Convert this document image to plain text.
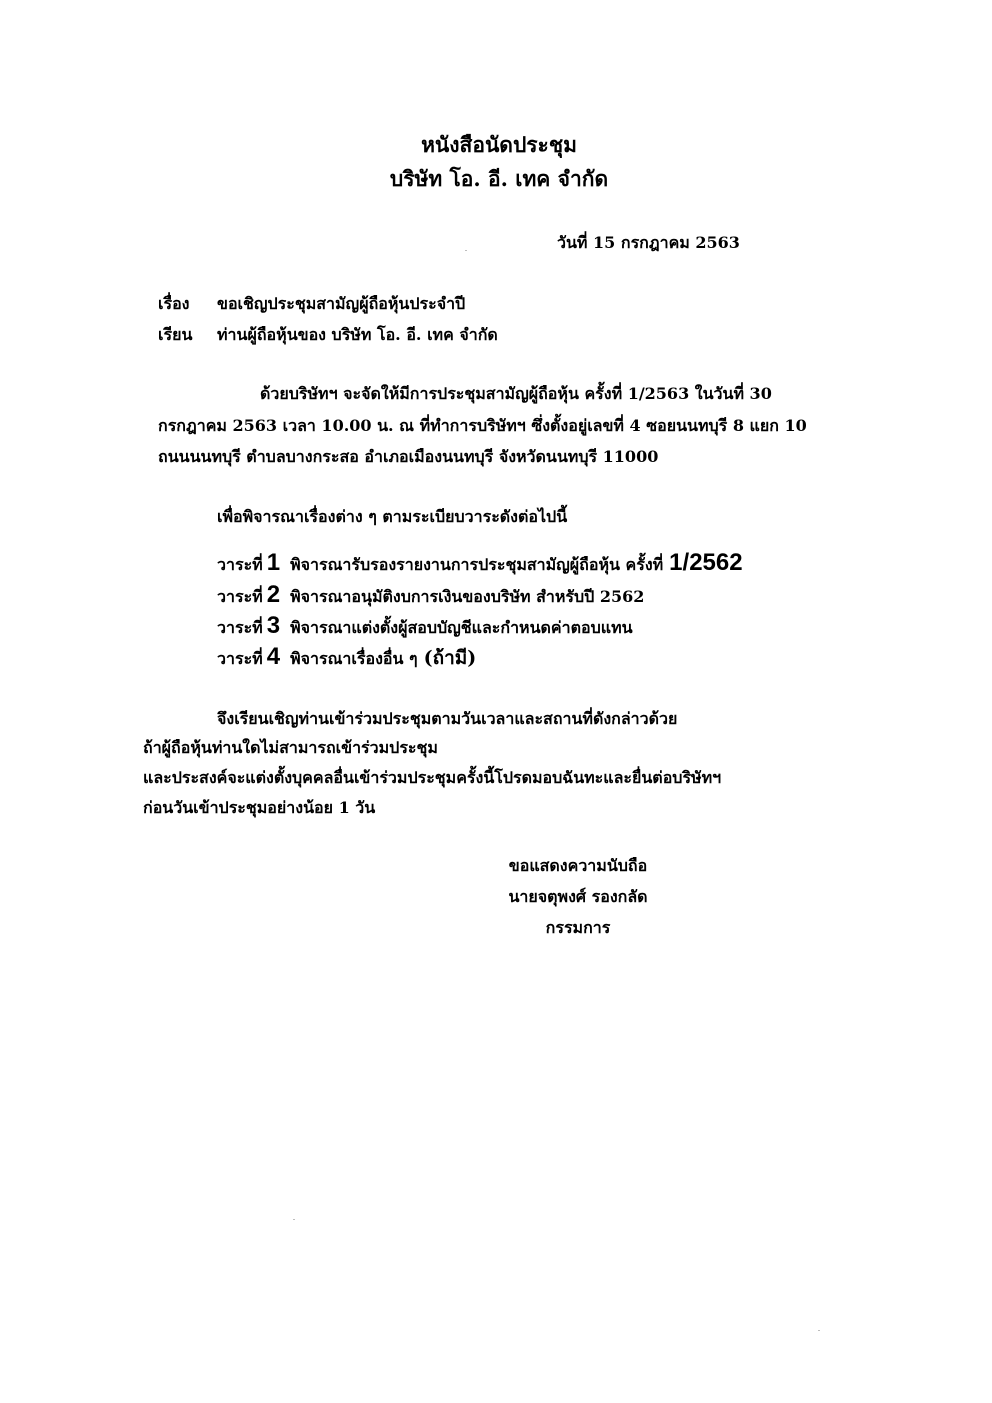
หนังสือนัดประชุม
บริษัท โอ. อี. เทค จำกัด
วันที่ 15 กรกฎาคม 2563
เรื่อง ขอเชิญประชุมสามัญผู้ถือหุ้นประจำปี
เรียน ท่านผู้ถือหุ้นของ บริษัท โอ. อี. เทค จำกัด
ด้วยบริษัทฯ จะจัดให้มีการประชุมสามัญผู้ถือหุ้น ครั้งที่ 1/2563 ในวันที่ 30
กรกฎาคม 2563 เวลา 10.00 น. ณ ที่ทำการบริษัทฯ ซึ่งตั้งอยู่เลขที่ 4 ซอยนนทบุรี 8 แยก 10
ถนนนนทบุรี ตำบลบางกระสอ อำเภอเมืองนนทบุรี จังหวัดนนทบุรี 11000
เพื่อพิจารณาเรื่องต่าง ๆ ตามระเบียบวาระดังต่อไปนี้
วาระที่ 1 พิจารณารับรองรายงานการประชุมสามัญผู้ถือหุ้น ครั้งที่ 1/2562
วาระที่ 2 พิจารณาอนุมัติงบการเงินของบริษัท สำหรับปี 2562
วาระที่ 3 พิจารณาแต่งตั้งผู้สอบบัญชีและกำหนดค่าตอบแทน
วาระที่ 4 พิจารณาเรื่องอื่น ๆ (ถ้ามี)
จึงเรียนเชิญท่านเข้าร่วมประชุมตามวันเวลาและสถานที่ดังกล่าวด้วย
ถ้าผู้ถือหุ้นท่านใดไม่สามารถเข้าร่วมประชุม
และประสงค์จะแต่งตั้งบุคคลอื่นเข้าร่วมประชุมครั้งนี้โปรดมอบฉันทะและยื่นต่อบริษัทฯ
ก่อนวันเข้าประชุมอย่างน้อย 1 วัน
ขอแสดงความนับถือ
นายจตุพงศ์ รองกลัด
กรรมการ
